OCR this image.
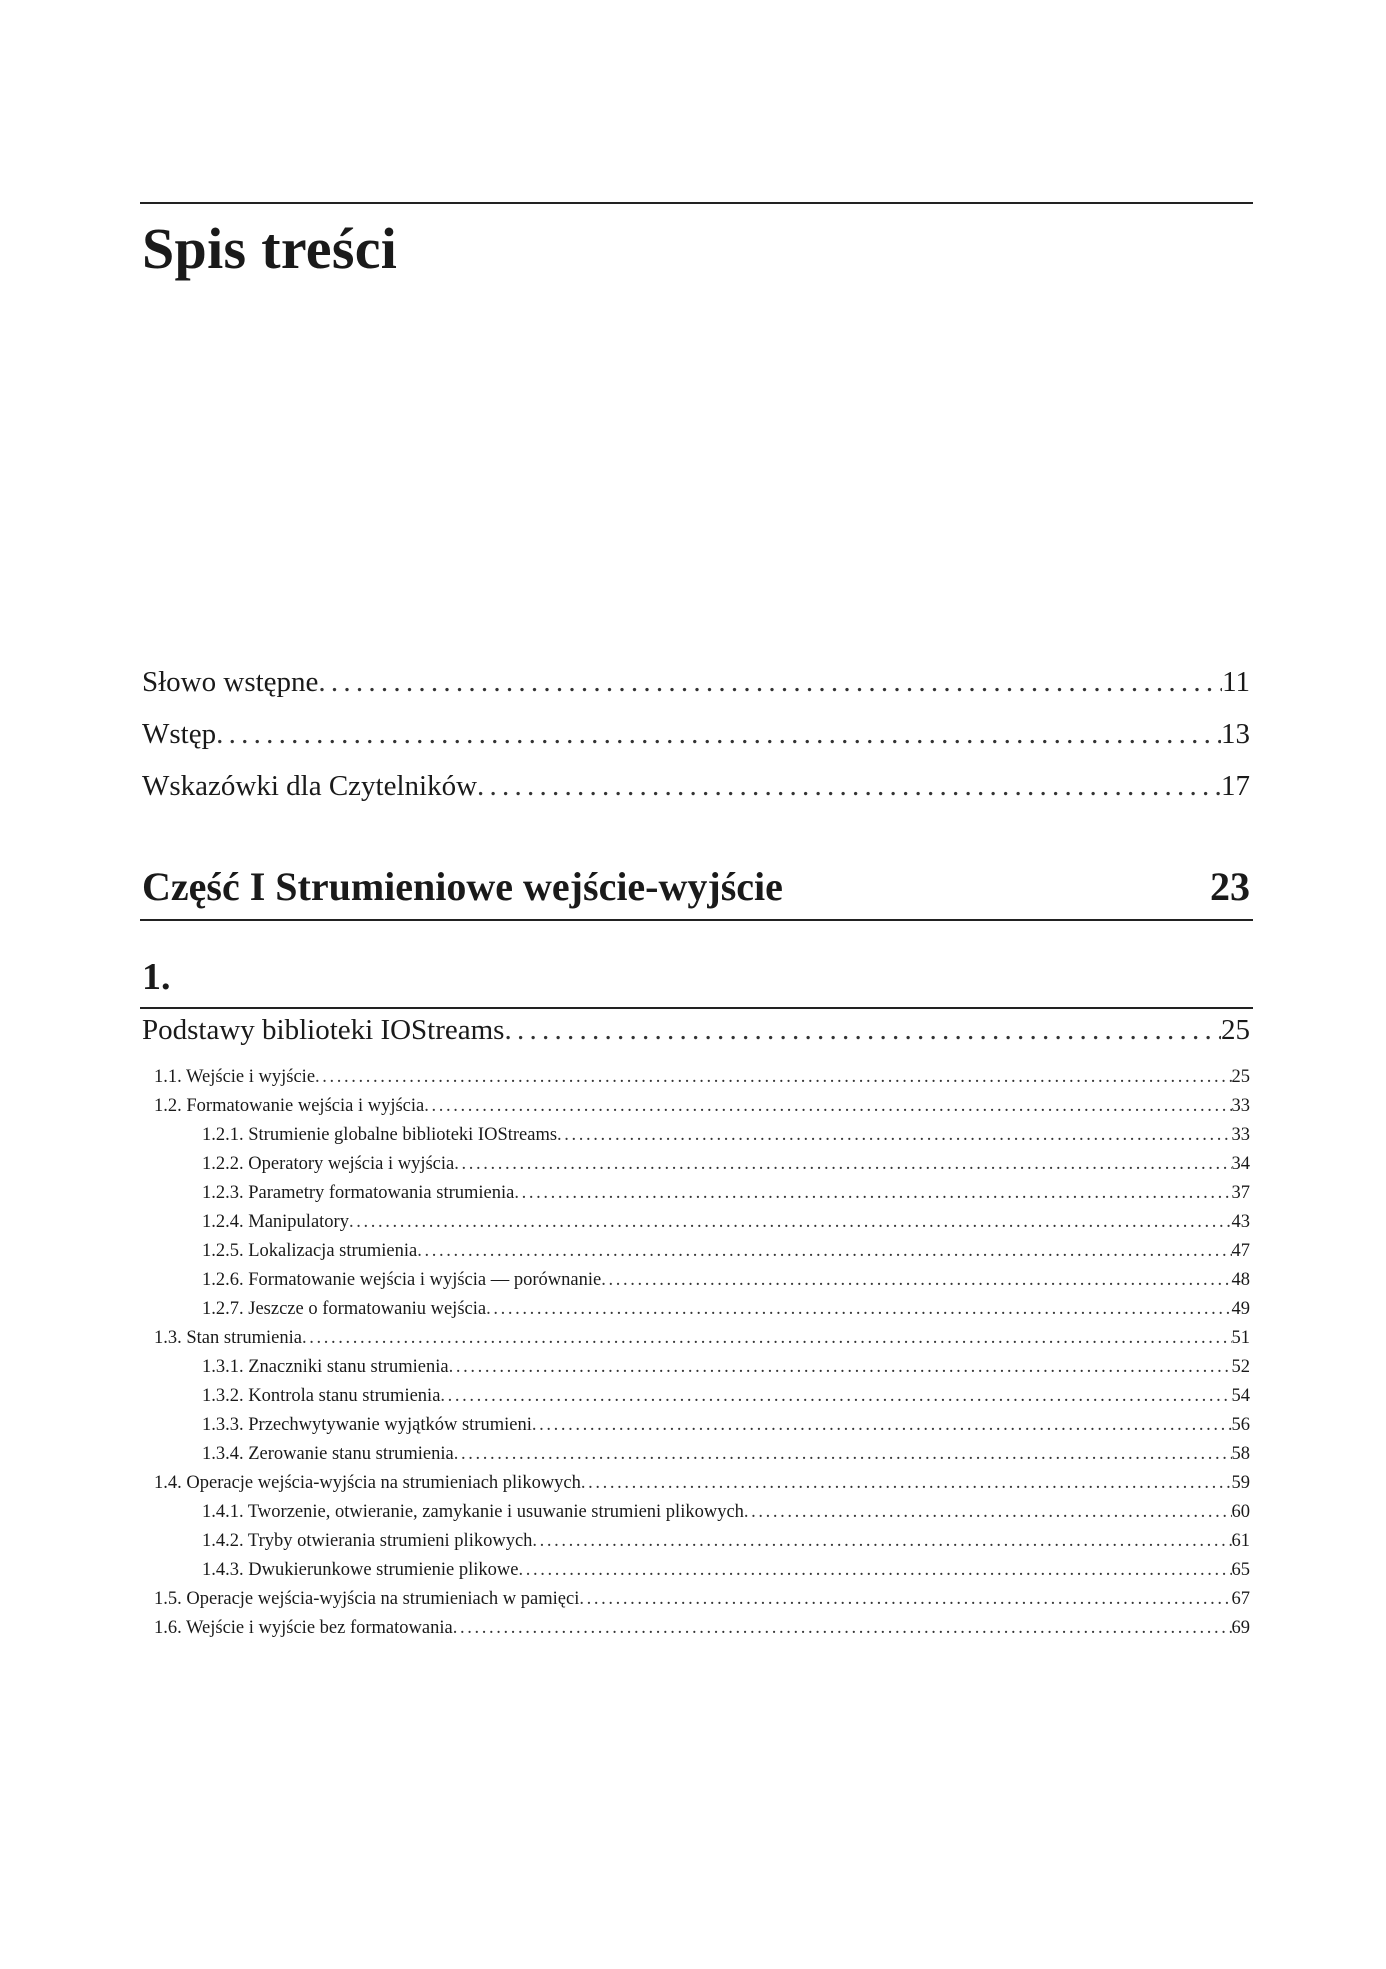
Spis treści
Słowo wstępne . . .	11
Wstęp . . .	13
Wskazówki dla Czytelników . . .	17
Część I Strumieniowe wejście-wyjście	23
1.
Podstawy biblioteki IOStreams . . .	25
1.1. Wejście i wyjście . . .	25
1.2. Formatowanie wejścia i wyjścia . . .	33
1.2.1. Strumienie globalne biblioteki IOStreams . . .	33
1.2.2. Operatory wejścia i wyjścia . . .	34
1.2.3. Parametry formatowania strumienia . . .	37
1.2.4. Manipulatory . . .	43
1.2.5. Lokalizacja strumienia . . .	47
1.2.6. Formatowanie wejścia i wyjścia — porównanie . . .	48
1.2.7. Jeszcze o formatowaniu wejścia . . .	49
1.3. Stan strumienia . . .	51
1.3.1. Znaczniki stanu strumienia . . .	52
1.3.2. Kontrola stanu strumienia . . .	54
1.3.3. Przechwytywanie wyjątków strumieni . . .	56
1.3.4. Zerowanie stanu strumienia . . .	58
1.4. Operacje wejścia-wyjścia na strumieniach plikowych . . .	59
1.4.1. Tworzenie, otwieranie, zamykanie i usuwanie strumieni plikowych . . .	60
1.4.2. Tryby otwierania strumieni plikowych . . .	61
1.4.3. Dwukierunkowe strumienie plikowe . . .	65
1.5. Operacje wejścia-wyjścia na strumieniach w pamięci . . .	67
1.6. Wejście i wyjście bez formatowania . . .	69
